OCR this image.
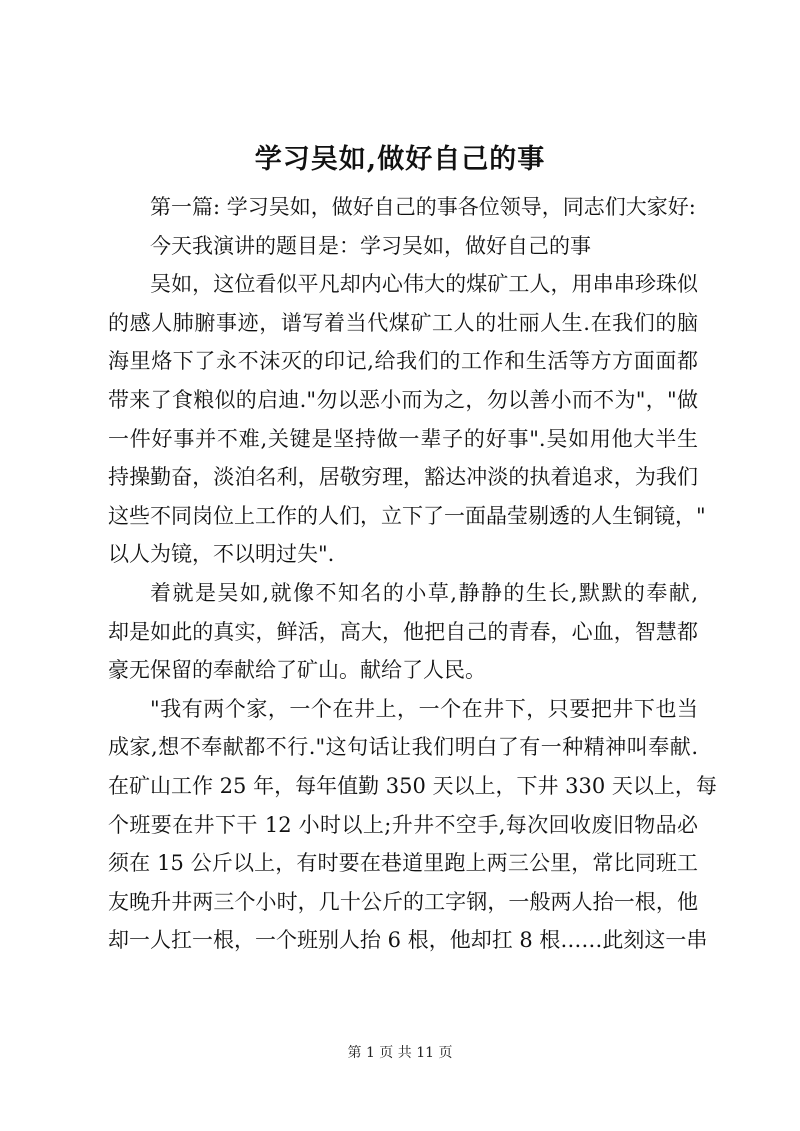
学习吴如,做好自己的事
第一篇: 学习吴如，做好自己的事各位领导，同志们大家好:
今天我演讲的题目是：学习吴如，做好自己的事
吴如，这位看似平凡却内心伟大的煤矿工人，用串串珍珠似
的感人肺腑事迹，谱写着当代煤矿工人的壮丽人生.在我们的脑
海里烙下了永不沫灭的印记,给我们的工作和生活等方方面面都
带来了食粮似的启迪."勿以恶小而为之，勿以善小而不为"，"做
一件好事并不难,关键是坚持做一辈子的好事".吴如用他大半生
持操勤奋，淡泊名利，居敬穷理，豁达冲淡的执着追求，为我们
这些不同岗位上工作的人们，立下了一面晶莹剔透的人生铜镜，"
以人为镜，不以明过失".
着就是吴如,就像不知名的小草,静静的生长,默默的奉献,
却是如此的真实，鲜活，高大，他把自己的青春，心血，智慧都
豪无保留的奉献给了矿山。献给了人民。
"我有两个家，一个在井上，一个在井下，只要把井下也当
成家,想不奉献都不行."这句话让我们明白了有一种精神叫奉献.
在矿山工作 25 年，每年值勤 350 天以上，下井 330 天以上，每
个班要在井下干 12 小时以上;升井不空手,每次回收废旧物品必
须在 15 公斤以上，有时要在巷道里跑上两三公里，常比同班工
友晚升井两三个小时，几十公斤的工字钢，一般两人抬一根，他
却一人扛一根，一个班别人抬 6 根，他却扛 8 根……此刻这一串
第 1 页 共 11 页
